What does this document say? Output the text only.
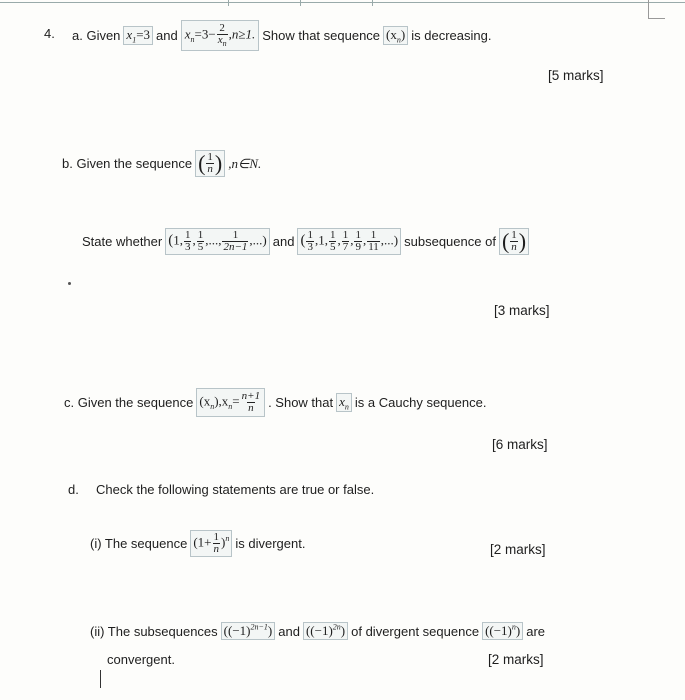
4. a. Given $x_1=3$ and $x_n=3- \frac{2}{x_n} ,n\ge 1$. Show that sequence $(x_n)$ is decreasing.
[5 marks]
b. Given the sequence ( $\frac{1}{n}$ ) ,n∈N.
State whether (1, $\frac{1}{3}$ , $\frac{1}{5}$ ,..., $\frac{1}{2n-1}$ ,...) and ( $\frac{1}{3} ,1$, $\frac{1}{5}$ , $\frac{1}{7}$ , $\frac{1}{9}$ , $\frac{1}{11}$ ,...) subsequence of ( $\frac{1}{n}$ )
[3 marks]
c. Given the sequence $(x_n),x_n= \frac{n+1}{n}$ . Show that $x_n$ is a Cauchy sequence.
[6 marks]
d. Check the following statements are true or false.
(i) The sequence $(1+ \frac{1}{n} )^n$ is divergent.	[2 marks]
(ii) The subsequences $((-1)^{2n-1})$ and $((-1)^{2n})$ of divergent sequence $((-1)^n)$ are
convergent.	[2 marks]
